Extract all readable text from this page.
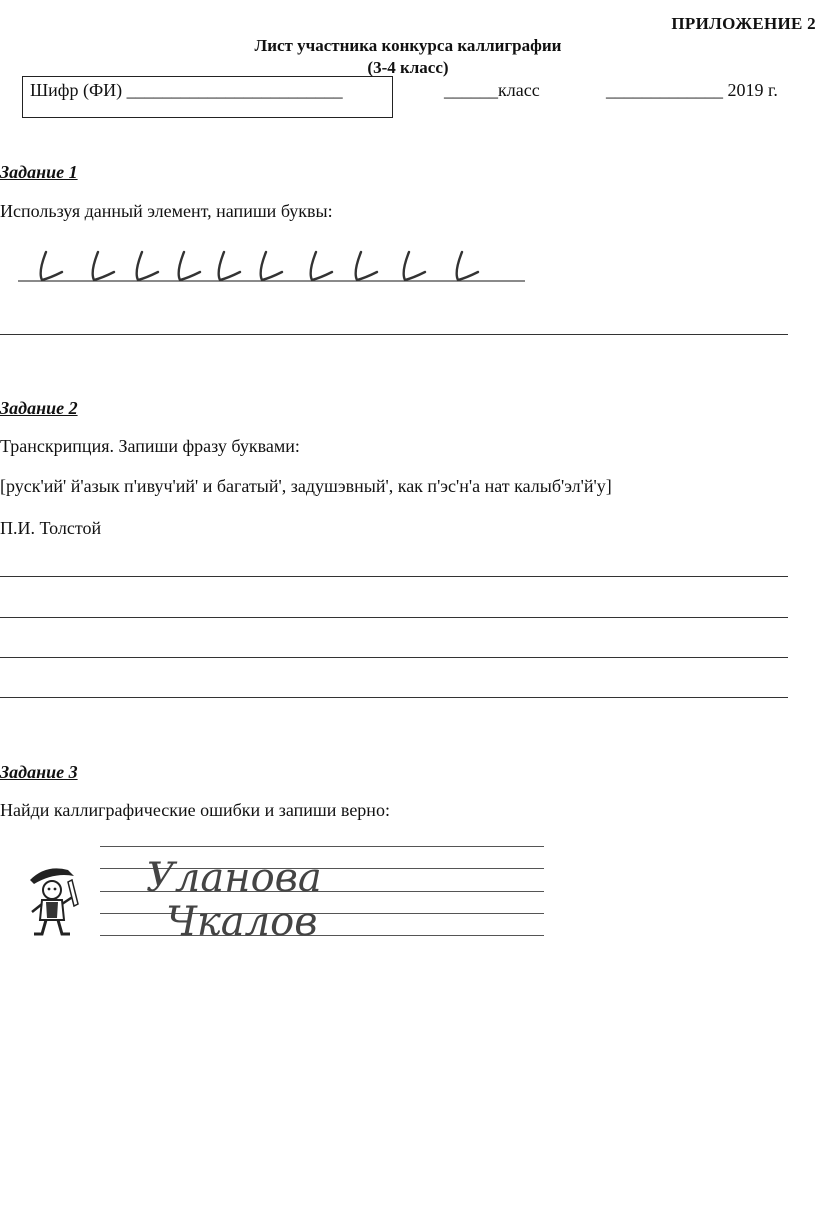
ПРИЛОЖЕНИЕ 2
Лист участника конкурса каллиграфии
(3-4 класс)
Шифр (ФИ) ________________________	______класс	_____________ 2019 г.
Задание 1
Используя данный элемент, напиши буквы:
Задание 2
Транскрипция. Запиши фразу буквами:
[руск'ий' й'азык п'ивуч'ий' и багатый', задушэвный', как п'эс'н'а нат калыб'эл'й'у]
П.И. Толстой
Задание 3
Найди каллиграфические ошибки и запиши верно:
Уланова
Чкалов
